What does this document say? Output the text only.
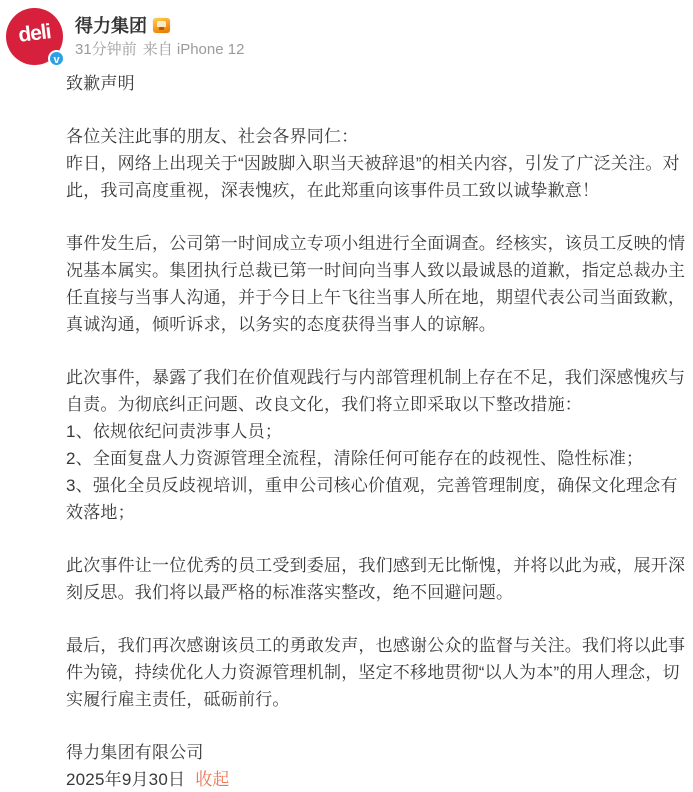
deli
v
得力集团
31分钟前 来自 iPhone 12

致歉声明

各位关注此事的朋友、社会各界同仁：
昨日，网络上出现关于“因跛脚入职当天被辞退”的相关内容，引发了广泛关注。对此，我司高度重视，深表愧疚，在此郑重向该事件员工致以诚挚歉意！

事件发生后，公司第一时间成立专项小组进行全面调查。经核实，该员工反映的情况基本属实。集团执行总裁已第一时间向当事人致以最诚恳的道歉，指定总裁办主任直接与当事人沟通，并于今日上午飞往当事人所在地，期望代表公司当面致歉，真诚沟通，倾听诉求，以务实的态度获得当事人的谅解。

此次事件，暴露了我们在价值观践行与内部管理机制上存在不足，我们深感愧疚与自责。为彻底纠正问题、改良文化，我们将立即采取以下整改措施：
1、依规依纪问责涉事人员；
2、全面复盘人力资源管理全流程，清除任何可能存在的歧视性、隐性标准；
3、强化全员反歧视培训，重申公司核心价值观，完善管理制度，确保文化理念有效落地；

此次事件让一位优秀的员工受到委屈，我们感到无比惭愧，并将以此为戒，展开深刻反思。我们将以最严格的标准落实整改，绝不回避问题。

最后，我们再次感谢该员工的勇敢发声，也感谢公众的监督与关注。我们将以此事件为镜，持续优化人力资源管理机制，坚定不移地贯彻“以人为本”的用人理念，切实履行雇主责任，砥砺前行。

得力集团有限公司
2025年9月30日 收起
